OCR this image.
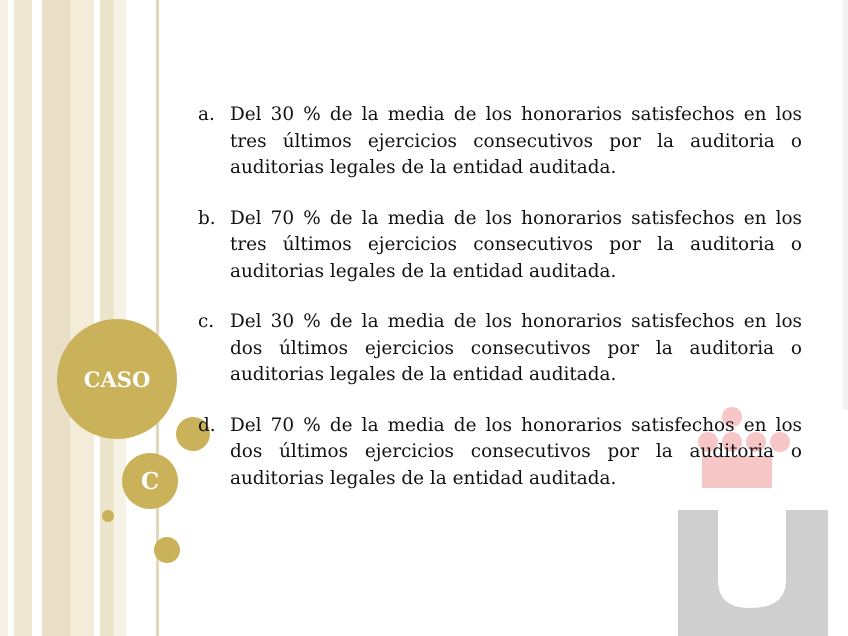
CASO
C
a. Del 30 % de la media de los honorarios satisfechos en los tres últimos ejercicios consecutivos por la auditoria o auditorias legales de la entidad auditada.
b. Del 70 % de la media de los honorarios satisfechos en los tres últimos ejercicios consecutivos por la auditoria o auditorias legales de la entidad auditada.
c. Del 30 % de la media de los honorarios satisfechos en los dos últimos ejercicios consecutivos por la auditoria o auditorias legales de la entidad auditada.
d. Del 70 % de la media de los honorarios satisfechos en los dos últimos ejercicios consecutivos por la auditoria o auditorias legales de la entidad auditada.
